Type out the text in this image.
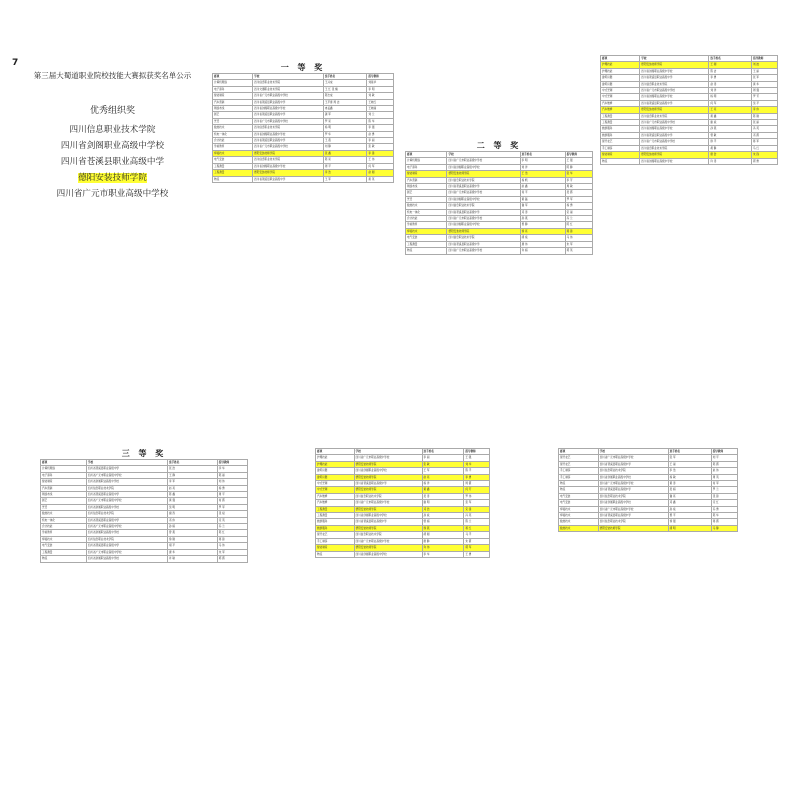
7
第三届大蜀道职业院校技能大赛拟获奖名单公示
优秀组织奖
四川信息职业技术学院
四川省剑阁职业高级中学校
四川省苍溪县职业高级中学
德阳安装技师学院
四川省广元市职业高级中学校
一 等 奖
赛项	学校	选手姓名	指导教师
计算机网络	四川信息职业技术学院	王兴成	刘星华
电子商务	四川交通职业技术学院	王 红 张 楠	李 明
智能制造	四川省广元市职业高级中学校	陈志成	刘 敏
汽车营销	四川省苍溪县职业高级中学	王平康 周 洁	王晓红
网络布线	四川省剑阁职业高级中学校	冉孟鑫	王晓丽
园艺	四川省苍溪县职业高级中学	蒲 军	刘 兰
烹饪	四川省广元市职业高级中学校	罗 亮	陈 华
数控技术	四川信息职业技术学院	杨 明	李 强
机电一体化	四川省剑阁职业高级中学校	罗 华	赵 勇
会计技能	四川省苍溪县职业高级中学	王 燕	李 丽
学前教育	四川省广元市职业高级中学校	刘 静	张 敏
焊接技术	德阳安装技师学院	张 鑫	李 锋
电气安装	四川信息职业技术学院	陈 亮	王 伟
工程测量	四川省剑阁职业高级中学校	周 平	何 军
工程测量	德阳安装技师学院	李 浩	赵 刚
物流	四川省苍溪县职业高级中学	王 军	黄 英
二 等 奖
赛项	学校	选手姓名	指导教师
计算机网络	四川省广元市职业高级中学校	李 明	王 强
电子商务	四川省剑阁职业高级中学校	刘 洋	陈 静
智能制造	德阳安装技师学院	王 浩	张 华
汽车营销	四川信息职业技术学院	杨 帆	李 芳
网络布线	四川省苍溪县职业高级中学	赵 鑫	周 敏
园艺	四川省广元市职业高级中学校	何 平	吴 霞
烹饪	四川省剑阁职业高级中学校	黄 磊	罗 军
数控技术	四川信息职业技术学院	谢 军	杨 勇
机电一体化	四川省苍溪县职业高级中学	邓 涛	宋 丽
会计技能	四川省广元市职业高级中学校	孙 燕	冯 兰
学前教育	四川省剑阁职业高级中学校	曾 静	陈 红
焊接技术	德阳安装技师学院	徐 亮	蒋 锋
电气安装	四川信息职业技术学院	胡 斌	马 伟
工程测量	四川省苍溪县职业高级中学	唐 伟	朱 军
物流	四川省广元市职业高级中学校	许 娟	郭 英
赛项	学校	选手姓名	指导教师
护理技能	德阳安装技师学院	王 刚	刘 波
护理技能	四川省剑阁职业高级中学校	陈 洁	王 丽
建筑识图	四川省苍溪县职业高级中学	李 勇	张 军
建筑识图	四川信息职业技术学院	赵 涛	黄 华
中式烹调	四川省广元市职业高级中学校	刘 洋	周 强
中式烹调	四川省剑阁职业高级中学校	杨 明	罗 芳
汽车维修	四川省苍溪县职业高级中学	何 军	吴 平
汽车维修	德阳安装技师学院	王 亮	李 伟
工程测量	四川信息职业技术学院	黄 鑫	陈 刚
工程测量	四川省广元市职业高级中学校	谢 斌	张 丽
旅游服务	四川省剑阁职业高级中学校	孙 燕	冯 英
旅游服务	四川省苍溪县职业高级中学	曾 敏	邓 霞
现代农艺	四川省广元市职业高级中学校	徐 平	蒋 军
手工制茶	四川信息职业技术学院	胡 静	马 红
智能制造	德阳安装技师学院	唐 浩	朱 锋
物流	四川省剑阁职业高级中学校	许 涛	郭 勇
三 等 奖
赛项	学校	选手姓名	指导教师
计算机网络	四川省苍溪县职业高级中学	张 浩	李 华
电子商务	四川省广元市职业高级中学校	王 静	陈 丽
智能制造	四川省剑阁职业高级中学校	李 军	刘 伟
汽车营销	四川信息职业技术学院	赵 亮	杨 勇
网络布线	四川省苍溪县职业高级中学	陈 鑫	周 平
园艺	四川省广元市职业高级中学校	黄 强	何 霞
烹饪	四川省剑阁职业高级中学校	吴 明	罗 军
数控技术	四川信息职业技术学院	谢 涛	张 斌
机电一体化	四川省苍溪县职业高级中学	邓 伟	宋 英
会计技能	四川省广元市职业高级中学校	孙 娟	冯 兰
学前教育	四川省剑阁职业高级中学校	曾 燕	陈 红
焊接技术	四川信息职业技术学院	徐 刚	蒋 锋
电气安装	四川省苍溪县职业高级中学	胡 平	马 伟
工程测量	四川省广元市职业高级中学校	唐 华	朱 军
物流	四川省剑阁职业高级中学校	许 敏	郭 霞
赛项	学校	选手姓名	指导教师
护理技能	四川省广元市职业高级中学校	李 丽	王 强
护理技能	德阳安装技师学院	张 敏	刘 华
建筑识图	四川省剑阁职业高级中学校	王 军	陈 平
建筑识图	德阳安装技师学院	赵 亮	李 勇
中式烹调	四川省苍溪县职业高级中学	杨 洋	周 霞
中式烹调	德阳安装技师学院	黄 鑫	何 芳
汽车维修	四川信息职业技术学院	吴 涛	罗 伟
汽车维修	四川省广元市职业高级中学校	谢 明	张 军
工程测量	德阳安装技师学院	邓 浩	宋 锋
工程测量	四川省剑阁职业高级中学校	孙 斌	冯 英
旅游服务	四川省苍溪县职业高级中学	曾 娟	陈 兰
旅游服务	德阳安装技师学院	徐 燕	蒋 红
现代农艺	四川信息职业技术学院	胡 刚	马 平
手工制茶	四川省广元市职业高级中学校	唐 静	朱 霞
智能制造	德阳安装技师学院	许 伟	郭 军
物流	四川省剑阁职业高级中学校	李 华	王 勇
赛项	学校	选手姓名	指导教师
现代农艺	四川省广元市职业高级中学校	张 军	刘 平
现代农艺	四川省苍溪县职业高级中学	王 丽	陈 霞
手工制茶	四川信息职业技术学院	李 浩	赵 伟
手工制茶	四川省剑阁职业高级中学校	杨 敏	周 英
物流	四川省广元市职业高级中学校	黄 涛	何 军
物流	四川省苍溪县职业高级中学	吴 娟	罗 兰
电气安装	四川信息职业技术学院	谢 亮	张 锋
电气安装	四川省剑阁职业高级中学校	邓 鑫	宋 红
焊接技术	四川省广元市职业高级中学校	孙 斌	冯 勇
焊接技术	四川省苍溪县职业高级中学	曾 平	陈 华
数控技术	四川信息职业技术学院	徐 强	蒋 霞
数控技术	德阳安装技师学院	胡 明	马 静
